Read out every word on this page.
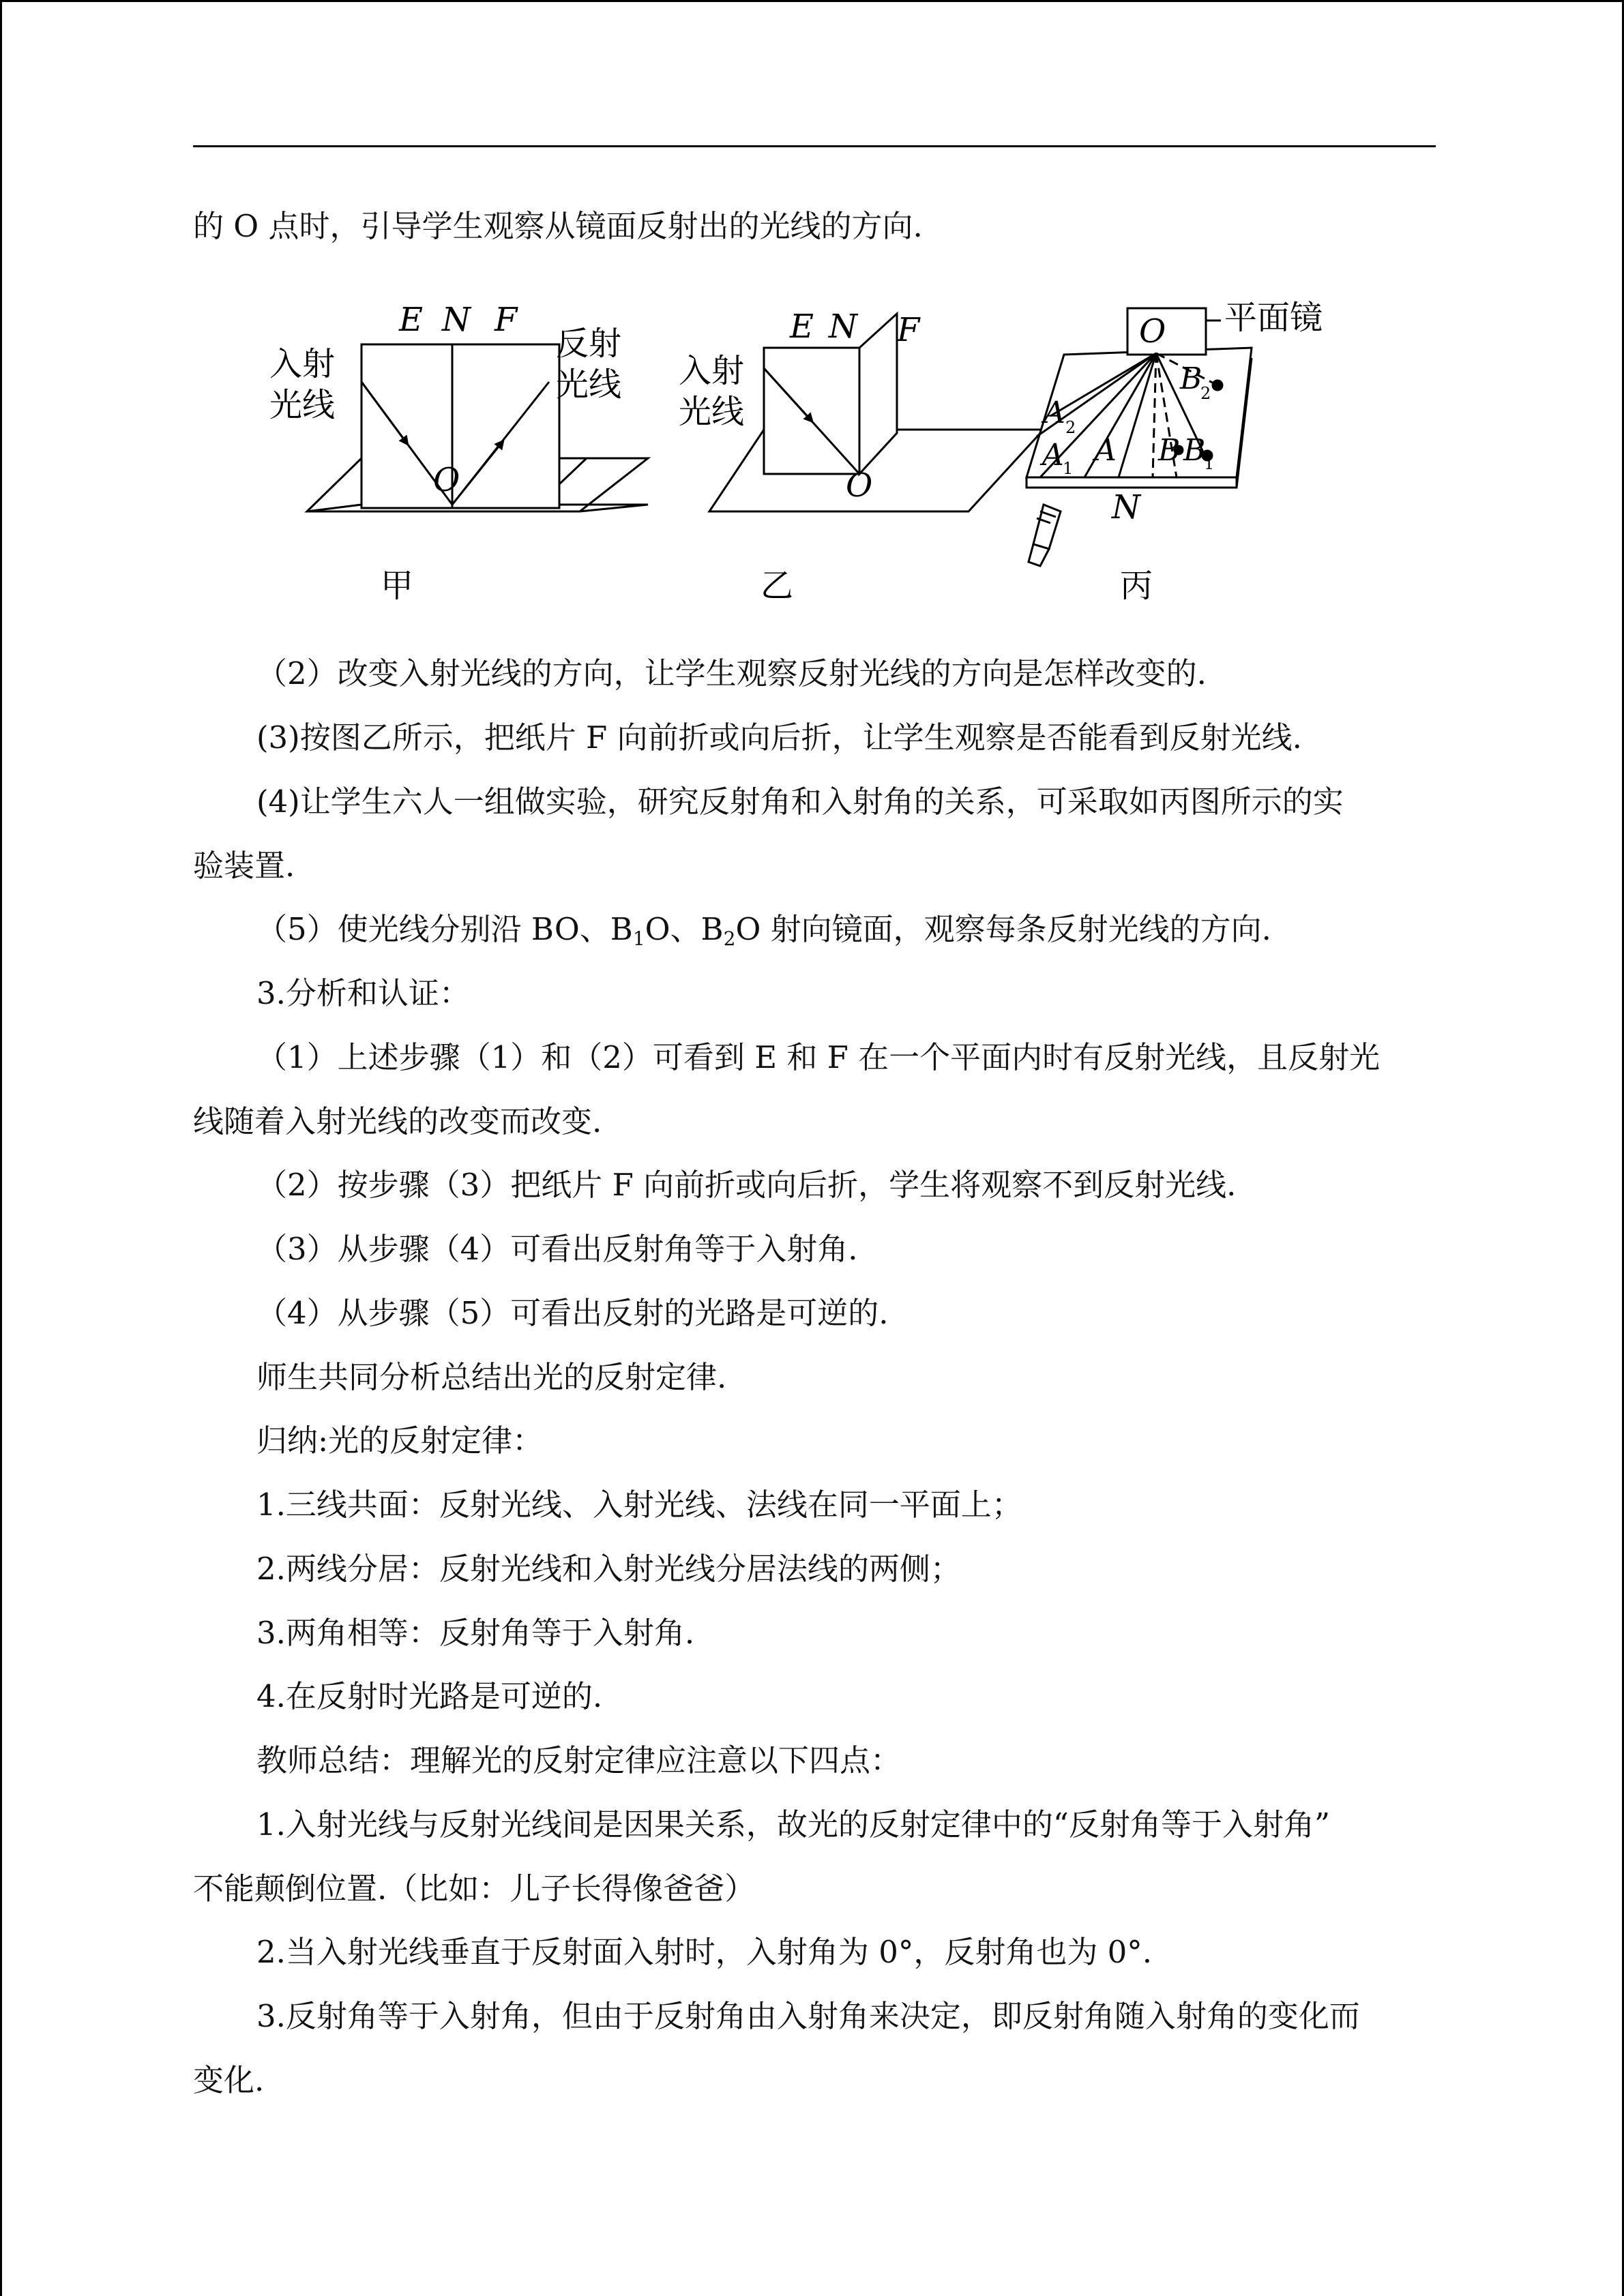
的 O 点时，引导学生观察从镜面反射出的光线的方向.
E N F
O
入射
光线
反射
光线
甲
E N F
O
入射
光线
乙
O 平面镜
A
A
1
A 2
B B
1
B
2
N
丙
（2）改变入射光线的方向，让学生观察反射光线的方向是怎样改变的.
(3)按图乙所示，把纸片 F 向前折或向后折，让学生观察是否能看到反射光线.
(4)让学生六人一组做实验，研究反射角和入射角的关系，可采取如丙图所示的实
验装置.
（5）使光线分别沿 BO、$B_1O$、$B_2O$ 射向镜面，观察每条反射光线的方向.
3.分析和认证：
（1）上述步骤（1）和（2）可看到 E 和 F 在一个平面内时有反射光线，且反射光
线随着入射光线的改变而改变.
（2）按步骤（3）把纸片 F 向前折或向后折，学生将观察不到反射光线.
（3）从步骤（4）可看出反射角等于入射角.
（4）从步骤（5）可看出反射的光路是可逆的.
师生共同分析总结出光的反射定律.
归纳:光的反射定律：
1.三线共面：反射光线、入射光线、法线在同一平面上；
2.两线分居：反射光线和入射光线分居法线的两侧；
3.两角相等：反射角等于入射角.
4.在反射时光路是可逆的.
教师总结：理解光的反射定律应注意以下四点：
1.入射光线与反射光线间是因果关系，故光的反射定律中的“反射角等于入射角”
不能颠倒位置.（比如：儿子长得像爸爸）
2.当入射光线垂直于反射面入射时，入射角为 0°，反射角也为 0°.
3.反射角等于入射角，但由于反射角由入射角来决定，即反射角随入射角的变化而
变化.
